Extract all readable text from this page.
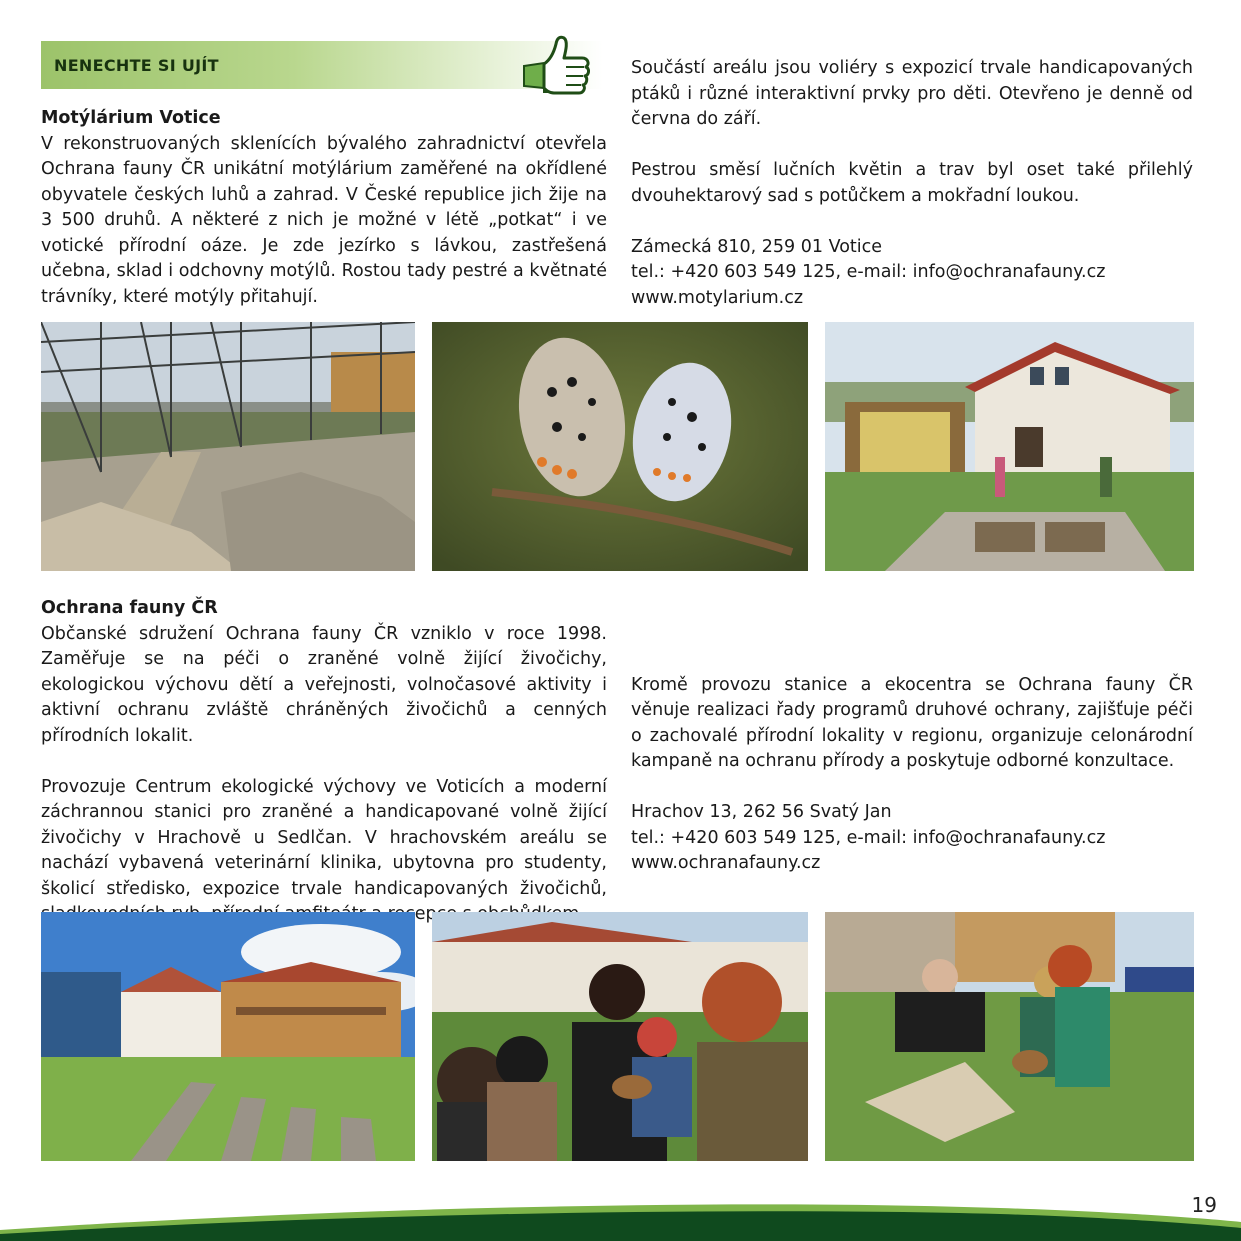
NENECHTE SI UJÍT
Motýlárium Votice

V rekonstruovaných sklenících bývalého zahradnictví otevřela Ochrana fauny ČR unikátní motýlárium zaměřené na okřídlené obyvatele českých luhů a zahrad. V České republice jich žije na 3 500 druhů. A některé z nich je možné v létě „potkat“ i ve votické přírodní oáze. Je zde jezírko s lávkou, zastřešená učebna, sklad i odchovny motýlů. Rostou tady pestré a květnaté trávníky, které motýly přitahují.

Součástí areálu jsou voliéry s expozicí trvale handicapovaných ptáků i různé interaktivní prvky pro děti. Otevřeno je denně od června do září.

Pestrou směsí lučních květin a trav byl oset také přilehlý dvouhektarový sad s potůčkem a mokřadní loukou.

Zámecká 810, 259 01 Votice

tel.: +420 603 549 125, e-mail: info@ochranafauny.cz

www.motylarium.cz

Ochrana fauny ČR

Občanské sdružení Ochrana fauny ČR vzniklo v roce 1998. Zaměřuje se na péči o zraněné volně žijící živočichy, ekologickou výchovu dětí a veřejnosti, volnočasové aktivity i aktivní ochranu zvláště chráněných živočichů a cenných přírodních lokalit.

Provozuje Centrum ekologické výchovy ve Voticích a moderní záchrannou stanici pro zraněné a handicapované volně žijící živočichy v Hrachově u Sedlčan. V hrachovském areálu se nachází vybavená veterinární klinika, ubytovna pro studenty, školicí středisko, expozice trvale handicapovaných živočichů, recepce

Kromě provozu stanice a ekocentra se Ochrana fauny ČR věnuje realizaci řady programů druhové ochrany, zajišťuje péči o zachovalé přírodní lokality v regionu, organizuje celonárodní kampaně na ochranu přírody a poskytuje odborné konzultace.

Hrachov 13, 262 56 Svatý Jan

tel.: +420 603 549 125, e-mail: info@ochranafauny.cz

www.ochranafauny.cz

19
